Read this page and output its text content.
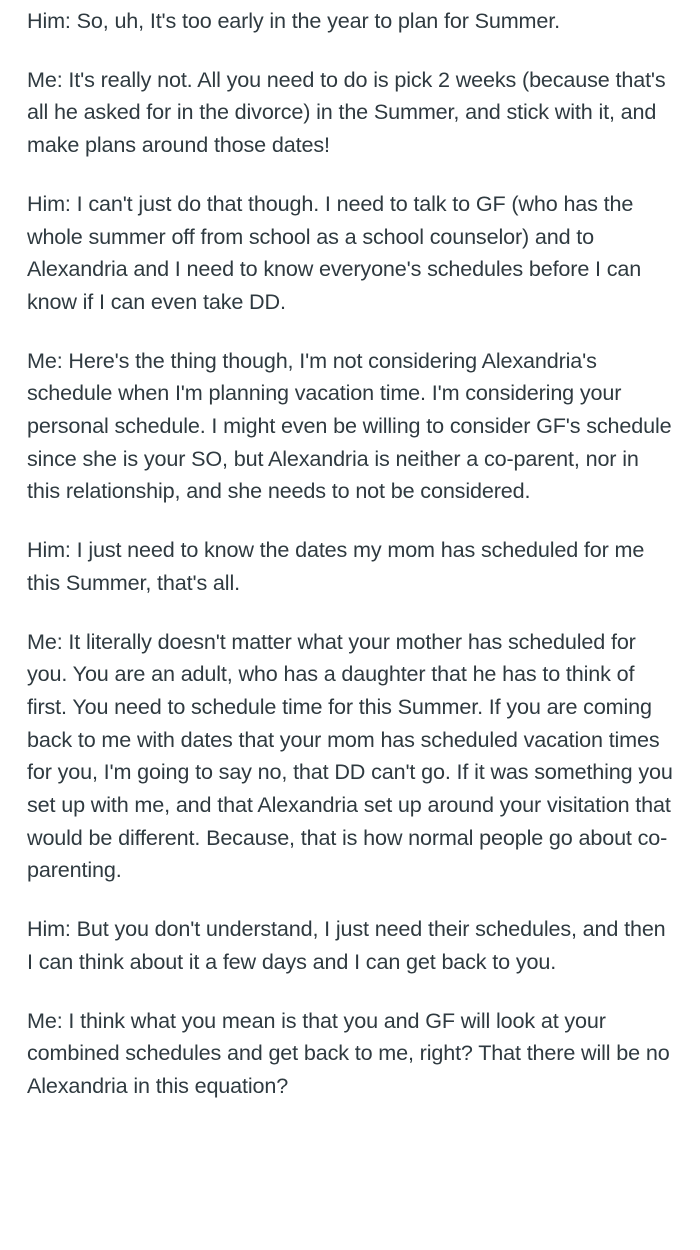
Him: So, uh, It's too early in the year to plan for Summer.

Me: It's really not. All you need to do is pick 2 weeks (because that's all he asked for in the divorce) in the Summer, and stick with it, and make plans around those dates!

Him: I can't just do that though. I need to talk to GF (who has the whole summer off from school as a school counselor) and to Alexandria and I need to know everyone's schedules before I can know if I can even take DD.

Me: Here's the thing though, I'm not considering Alexandria's schedule when I'm planning vacation time. I'm considering your personal schedule. I might even be willing to consider GF's schedule since she is your SO, but Alexandria is neither a co-parent, nor in this relationship, and she needs to not be considered.

Him: I just need to know the dates my mom has scheduled for me this Summer, that's all.

Me: It literally doesn't matter what your mother has scheduled for you. You are an adult, who has a daughter that he has to think of first. You need to schedule time for this Summer. If you are coming back to me with dates that your mom has scheduled vacation times for you, I'm going to say no, that DD can't go. If it was something you set up with me, and that Alexandria set up around your visitation that would be different. Because, that is how normal people go about co-parenting.

Him: But you don't understand, I just need their schedules, and then I can think about it a few days and I can get back to you.

Me: I think what you mean is that you and GF will look at your combined schedules and get back to me, right? That there will be no Alexandria in this equation?
